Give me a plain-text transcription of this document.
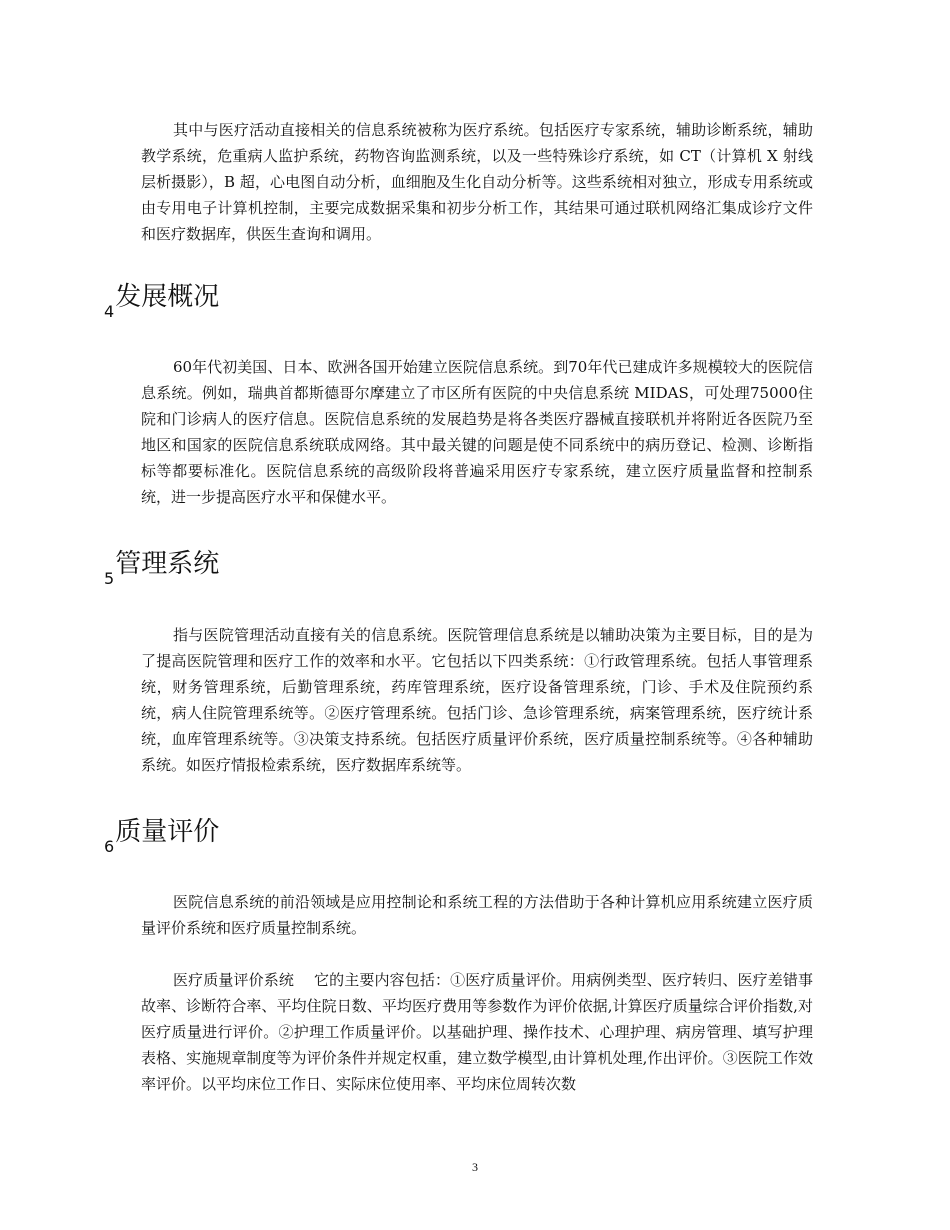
其中与医疗活动直接相关的信息系统被称为医疗系统。包括医疗专家系统，辅助诊断系统，辅助教学系统，危重病人监护系统，药物咨询监测系统，以及一些特殊诊疗系统，如 CT（计算机 X 射线层析摄影），B 超，心电图自动分析，血细胞及生化自动分析等。这些系统相对独立，形成专用系统或由专用电子计算机控制，主要完成数据采集和初步分析工作，其结果可通过联机网络汇集成诊疗文件和医疗数据库，供医生查询和调用。

$_4$发展概况

60年代初美国、日本、欧洲各国开始建立医院信息系统。到70年代已建成许多规模较大的医院信息系统。例如，瑞典首都斯德哥尔摩建立了市区所有医院的中央信息系统 MIDAS，可处理75000住院和门诊病人的医疗信息。医院信息系统的发展趋势是将各类医疗器械直接联机并将附近各医院乃至地区和国家的医院信息系统联成网络。其中最关键的问题是使不同系统中的病历登记、检测、诊断指标等都要标准化。医院信息系统的高级阶段将普遍采用医疗专家系统，建立医疗质量监督和控制系统，进一步提高医疗水平和保健水平。

$_5$管理系统

指与医院管理活动直接有关的信息系统。医院管理信息系统是以辅助决策为主要目标，目的是为了提高医院管理和医疗工作的效率和水平。它包括以下四类系统：①行政管理系统。包括人事管理系统，财务管理系统，后勤管理系统，药库管理系统，医疗设备管理系统，门诊、手术及住院预约系统，病人住院管理系统等。②医疗管理系统。包括门诊、急诊管理系统，病案管理系统，医疗统计系统，血库管理系统等。③决策支持系统。包括医疗质量评价系统，医疗质量控制系统等。④各种辅助系统。如医疗情报检索系统，医疗数据库系统等。

$_6$质量评价

医院信息系统的前沿领域是应用控制论和系统工程的方法借助于各种计算机应用系统建立医疗质量评价系统和医疗质量控制系统。

医疗质量评价系统　 它的主要内容包括：①医疗质量评价。用病例类型、医疗转归、医疗差错事故率、诊断符合率、平均住院日数、平均医疗费用等参数作为评价依据,计算医疗质量综合评价指数,对医疗质量进行评价。②护理工作质量评价。以基础护理、操作技术、心理护理、病房管理、填写护理表格、实施规章制度等为评价条件并规定权重，建立数学模型,由计算机处理,作出评价。③医院工作效率评价。以平均床位工作日、实际床位使用率、平均床位周转次数

3
